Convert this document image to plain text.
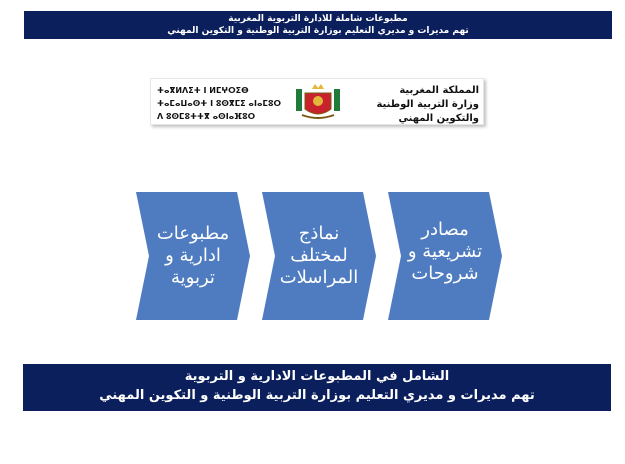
مطبوعات شاملة للادارة التربوية المغربية
تهم مديرات و مديري التعليم بوزارة التربية الوطنية و التكوين المهني
ⵜⴰⴳⵍⴷⵉⵜ ⵏ ⵍⵎⵖⵔⵉⴱ
ⵜⴰⵎⴰⵡⴰⵙⵜ ⵏ ⵓⵙⴳⵎⵉ ⴰⵏⴰⵎⵓⵔ
ⴷ ⵓⵙⵎⵓⵜⵜⴳ ⴰⵙⵏⴰⴼⵓⵔ
المملكة المغربية
وزارة التربية الوطنية
والتكوين المهني
مطبوعات
ادارية و
تربوية
نماذج
لمختلف
المراسلات
مصادر
تشريعية و
شروحات
الشامل في المطبوعات الادارية و التربوية
تهم مديرات و مديري التعليم بوزارة التربية الوطنية و التكوين المهني
